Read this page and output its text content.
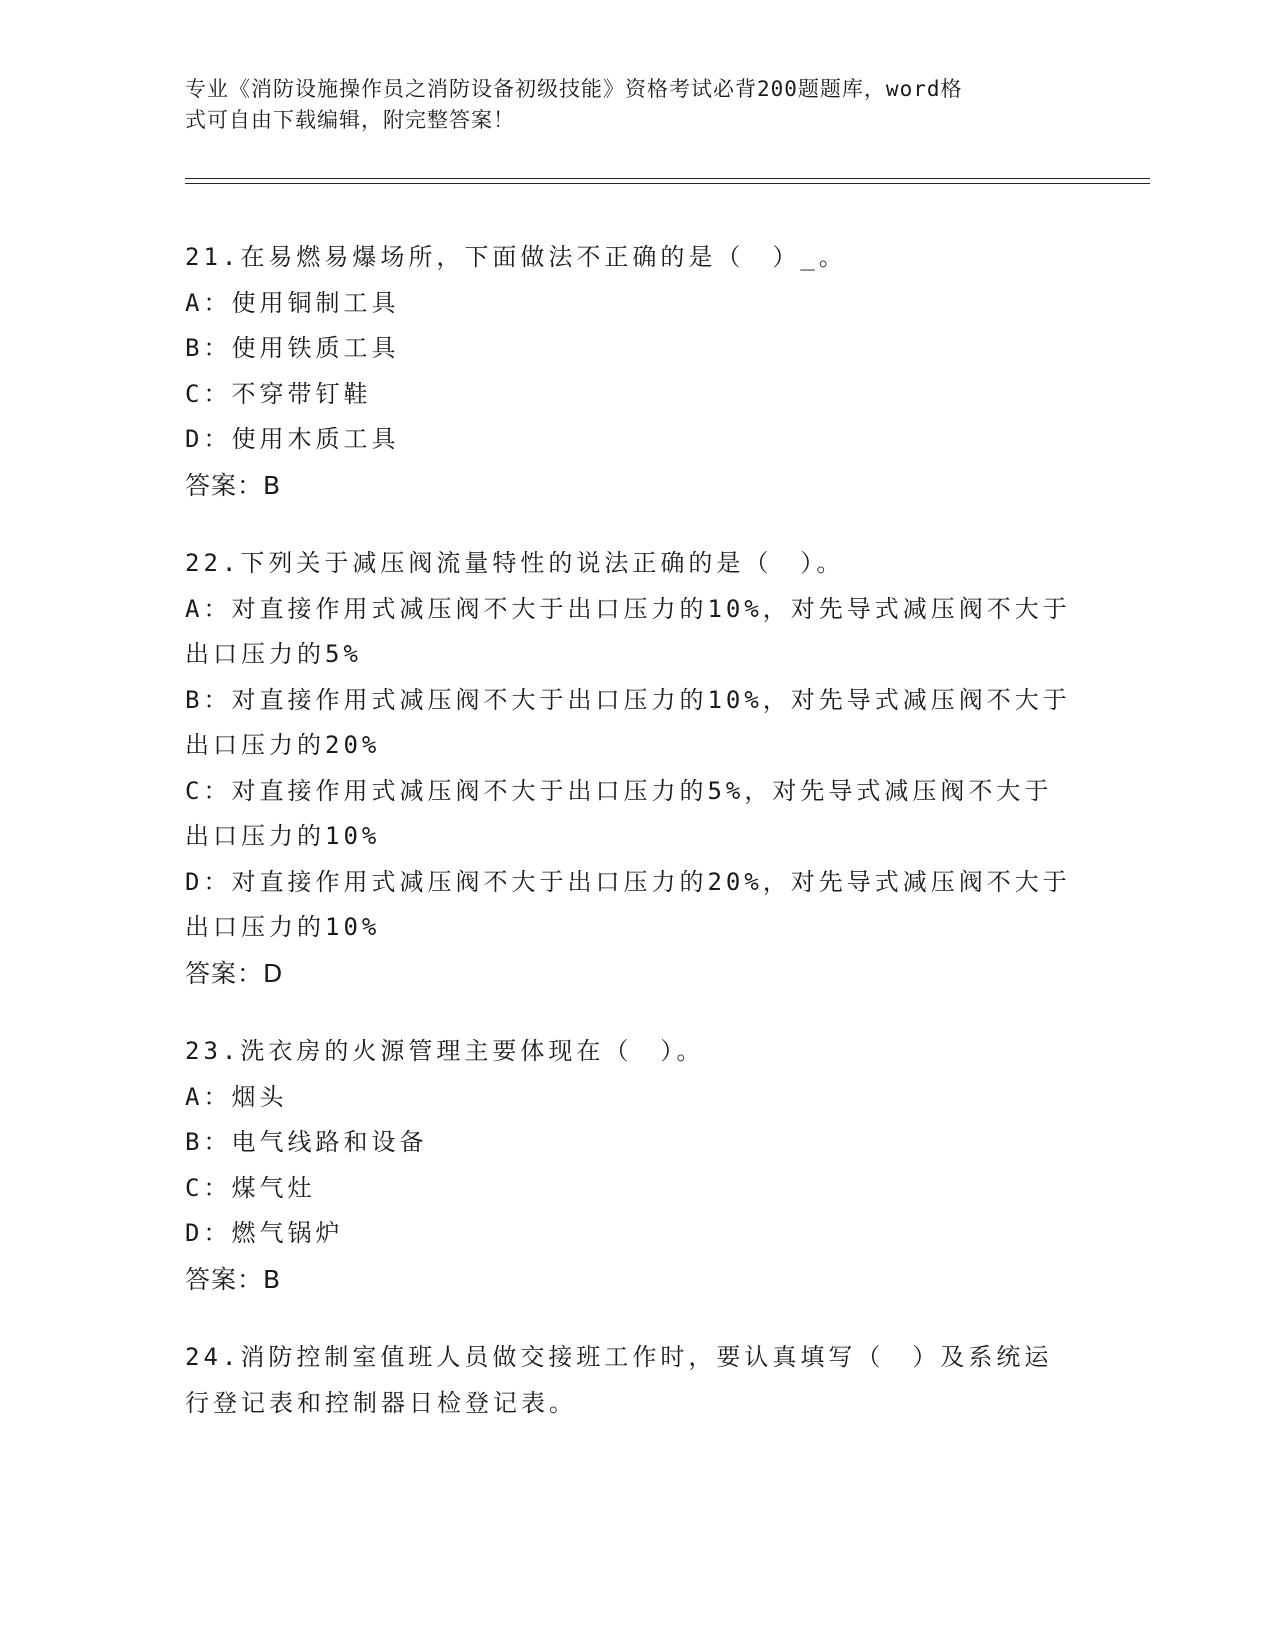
专业《消防设施操作员之消防设备初级技能》资格考试必背200题题库，word格
式可自由下载编辑，附完整答案！
21.在易燃易爆场所，下面做法不正确的是（　）_。
A：使用铜制工具
B：使用铁质工具
C：不穿带钉鞋
D：使用木质工具
答案：B
22.下列关于减压阀流量特性的说法正确的是（　）。
A：对直接作用式减压阀不大于出口压力的10%，对先导式减压阀不大于出口压力的5%
B：对直接作用式减压阀不大于出口压力的10%，对先导式减压阀不大于出口压力的20%
C：对直接作用式减压阀不大于出口压力的5%，对先导式减压阀不大于出口压力的10%
D：对直接作用式减压阀不大于出口压力的20%，对先导式减压阀不大于出口压力的10%
答案：D
23.洗衣房的火源管理主要体现在（　）。
A：烟头
B：电气线路和设备
C：煤气灶
D：燃气锅炉
答案：B
24.消防控制室值班人员做交接班工作时，要认真填写（　）及系统运行登记表和控制器日检登记表。
